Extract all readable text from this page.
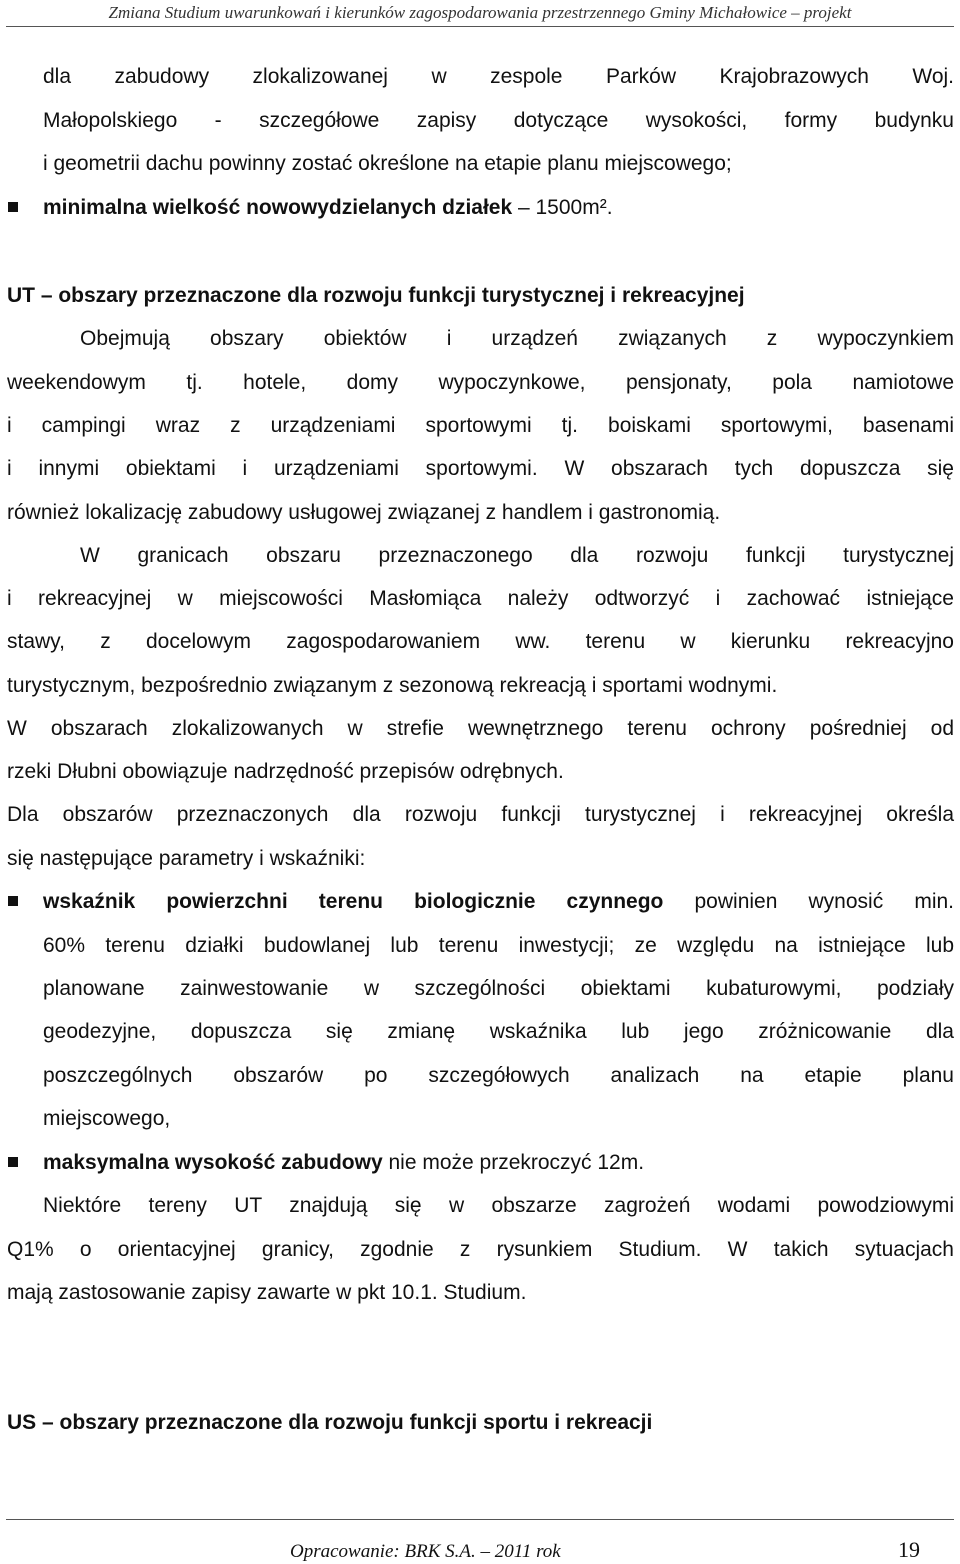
Zmiana Studium uwarunkowań i kierunków zagospodarowania przestrzennego Gminy Michałowice – projekt
dla zabudowy zlokalizowanej w zespole Parków Krajobrazowych Woj.
Małopolskiego - szczegółowe zapisy dotyczące wysokości, formy budynku
i geometrii dachu powinny zostać określone na etapie planu miejscowego;
minimalna wielkość nowowydzielanych działek – 1500m².
UT – obszary przeznaczone dla rozwoju funkcji turystycznej i rekreacyjnej
Obejmują obszary obiektów i urządzeń związanych z wypoczynkiem
weekendowym tj. hotele, domy wypoczynkowe, pensjonaty, pola namiotowe
i campingi wraz z urządzeniami sportowymi tj. boiskami sportowymi, basenami
i innymi obiektami i urządzeniami sportowymi. W obszarach tych dopuszcza się
również lokalizację zabudowy usługowej związanej z handlem i gastronomią.
W granicach obszaru przeznaczonego dla rozwoju funkcji turystycznej
i rekreacyjnej w miejscowości Masłomiąca należy odtworzyć i zachować istniejące
stawy, z docelowym zagospodarowaniem ww. terenu w kierunku rekreacyjno
turystycznym, bezpośrednio związanym z sezonową rekreacją i sportami wodnymi.
W obszarach zlokalizowanych w strefie wewnętrznego terenu ochrony pośredniej od
rzeki Dłubni obowiązuje nadrzędność przepisów odrębnych.
Dla obszarów przeznaczonych dla rozwoju funkcji turystycznej i rekreacyjnej określa
się następujące parametry i wskaźniki:
wskaźnik powierzchni terenu biologicznie czynnego powinien wynosić min.
60% terenu działki budowlanej lub terenu inwestycji; ze względu na istniejące lub
planowane zainwestowanie w szczególności obiektami kubaturowymi, podziały
geodezyjne, dopuszcza się zmianę wskaźnika lub jego zróżnicowanie dla
poszczególnych obszarów po szczegółowych analizach na etapie planu
miejscowego,
maksymalna wysokość zabudowy nie może przekroczyć 12m.
Niektóre tereny UT znajdują się w obszarze zagrożeń wodami powodziowymi
Q1% o orientacyjnej granicy, zgodnie z rysunkiem Studium. W takich sytuacjach
mają zastosowanie zapisy zawarte w pkt 10.1. Studium.
US – obszary przeznaczone dla rozwoju funkcji sportu i rekreacji
Opracowanie: BRK S.A. – 2011 rok	19
